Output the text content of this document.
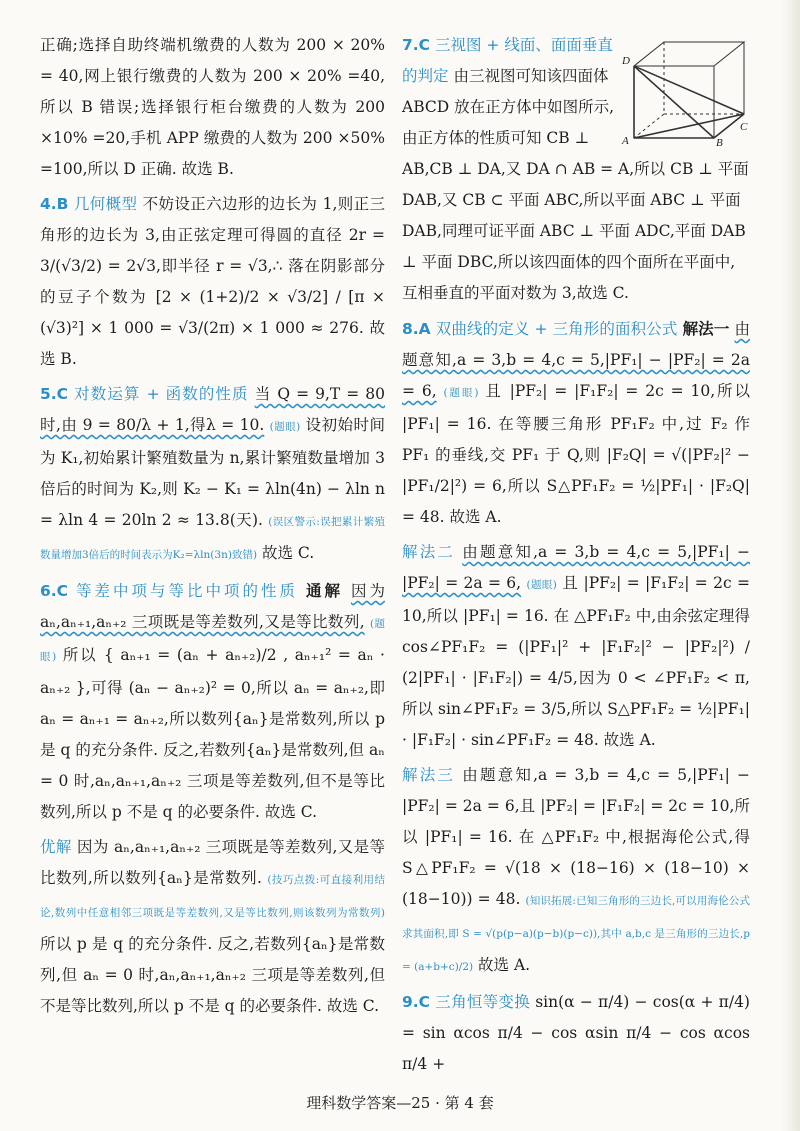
正确;选择自助终端机缴费的人数为 200 × 20% = 40,网上银行缴费的人数为 200 × 20% =40,所以 B 错误;选择银行柜台缴费的人数为 200 ×10% =20,手机 APP 缴费的人数为 200 ×50% =100,所以 D 正确. 故选 B.

4.B 几何概型 不妨设正六边形的边长为 1,则正三角形的边长为 3,由正弦定理可得圆的直径 2r = 3/(√3/2) = 2√3,即半径 r = √3,∴ 落在阴影部分的豆子个数为 [2 × (1+2)/2 × √3/2] / [π × (√3)²] × 1 000 = √3/(2π) × 1 000 ≈ 276. 故选 B.

5.C 对数运算 + 函数的性质 当 Q = 9,T = 80 时,由 9 = 80/λ + 1,得λ = 10. (题眼) 设初始时间为 K₁,初始累计繁殖数量为 n,累计繁殖数量增加 3 倍后的时间为 K₂,则 K₂ − K₁ = λln(4n) − λln n = λln 4 = 20ln 2 ≈ 13.8(天). (误区警示:误把累计繁殖数量增加3倍后的时间表示为K₂=λln(3n)致错) 故选 C.

6.C 等差中项与等比中项的性质 通解 因为 aₙ,aₙ₊₁,aₙ₊₂ 三项既是等差数列,又是等比数列, (题眼) 所以 { aₙ₊₁ = (aₙ + aₙ₊₂)/2 , aₙ₊₁² = aₙ · aₙ₊₂ },可得 (aₙ − aₙ₊₂)² = 0,所以 aₙ = aₙ₊₂,即 aₙ = aₙ₊₁ = aₙ₊₂,所以数列{aₙ}是常数列,所以 p 是 q 的充分条件. 反之,若数列{aₙ}是常数列,但 aₙ = 0 时,aₙ,aₙ₊₁,aₙ₊₂ 三项是等差数列,但不是等比数列,所以 p 不是 q 的必要条件. 故选 C.

优解 因为 aₙ,aₙ₊₁,aₙ₊₂ 三项既是等差数列,又是等比数列,所以数列{aₙ}是常数列. (技巧点拨:可直接利用结论,数列中任意相邻三项既是等差数列,又是等比数列,则该数列为常数列) 所以 p 是 q 的充分条件. 反之,若数列{aₙ}是常数列,但 aₙ = 0 时,aₙ,aₙ₊₁,aₙ₊₂ 三项是等差数列,但不是等比数列,所以 p 不是 q 的必要条件. 故选 C.

D
C
A	B
7.C 三视图 + 线面、面面垂直的判定 由三视图可知该四面体 ABCD 放在正方体中如图所示,由正方体的性质可知 CB ⊥ AB,CB ⊥ DA,又 DA ∩ AB = A,所以 CB ⊥ 平面 DAB,又 CB ⊂ 平面 ABC,所以平面 ABC ⊥ 平面 DAB,同理可证平面 ABC ⊥ 平面 ADC,平面 DAB ⊥ 平面 DBC,所以该四面体的四个面所在平面中,互相垂直的平面对数为 3,故选 C.

8.A 双曲线的定义 + 三角形的面积公式 解法一 由题意知,a = 3,b = 4,c = 5,|PF₁| − |PF₂| = 2a = 6, (题眼) 且 |PF₂| = |F₁F₂| = 2c = 10,所以 |PF₁| = 16. 在等腰三角形 PF₁F₂ 中,过 F₂ 作 PF₁ 的垂线,交 PF₁ 于 Q,则 |F₂Q| = √(|PF₂|² − |PF₁/2|²) = 6,所以 S△PF₁F₂ = ½|PF₁| · |F₂Q| = 48. 故选 A.

解法二 由题意知,a = 3,b = 4,c = 5,|PF₁| − |PF₂| = 2a = 6, (题眼) 且 |PF₂| = |F₁F₂| = 2c = 10,所以 |PF₁| = 16. 在 △PF₁F₂ 中,由余弦定理得 cos∠PF₁F₂ = (|PF₁|² + |F₁F₂|² − |PF₂|²) / (2|PF₁| · |F₁F₂|) = 4/5,因为 0 < ∠PF₁F₂ < π,所以 sin∠PF₁F₂ = 3/5,所以 S△PF₁F₂ = ½|PF₁| · |F₁F₂| · sin∠PF₁F₂ = 48. 故选 A.

解法三 由题意知,a = 3,b = 4,c = 5,|PF₁| − |PF₂| = 2a = 6,且 |PF₂| = |F₁F₂| = 2c = 10,所以 |PF₁| = 16. 在 △PF₁F₂ 中,根据海伦公式,得 S△PF₁F₂ = √(18 × (18−16) × (18−10) × (18−10)) = 48. (知识拓展:已知三角形的三边长,可以用海伦公式求其面积,即 S = √(p(p−a)(p−b)(p−c)),其中 a,b,c 是三角形的三边长,p = (a+b+c)/2) 故选 A.

9.C 三角恒等变换 sin(α − π/4) − cos(α + π/4) = sin αcos π/4 − cos αsin π/4 − cos αcos π/4 +

理科数学答案—25 · 第 4 套
